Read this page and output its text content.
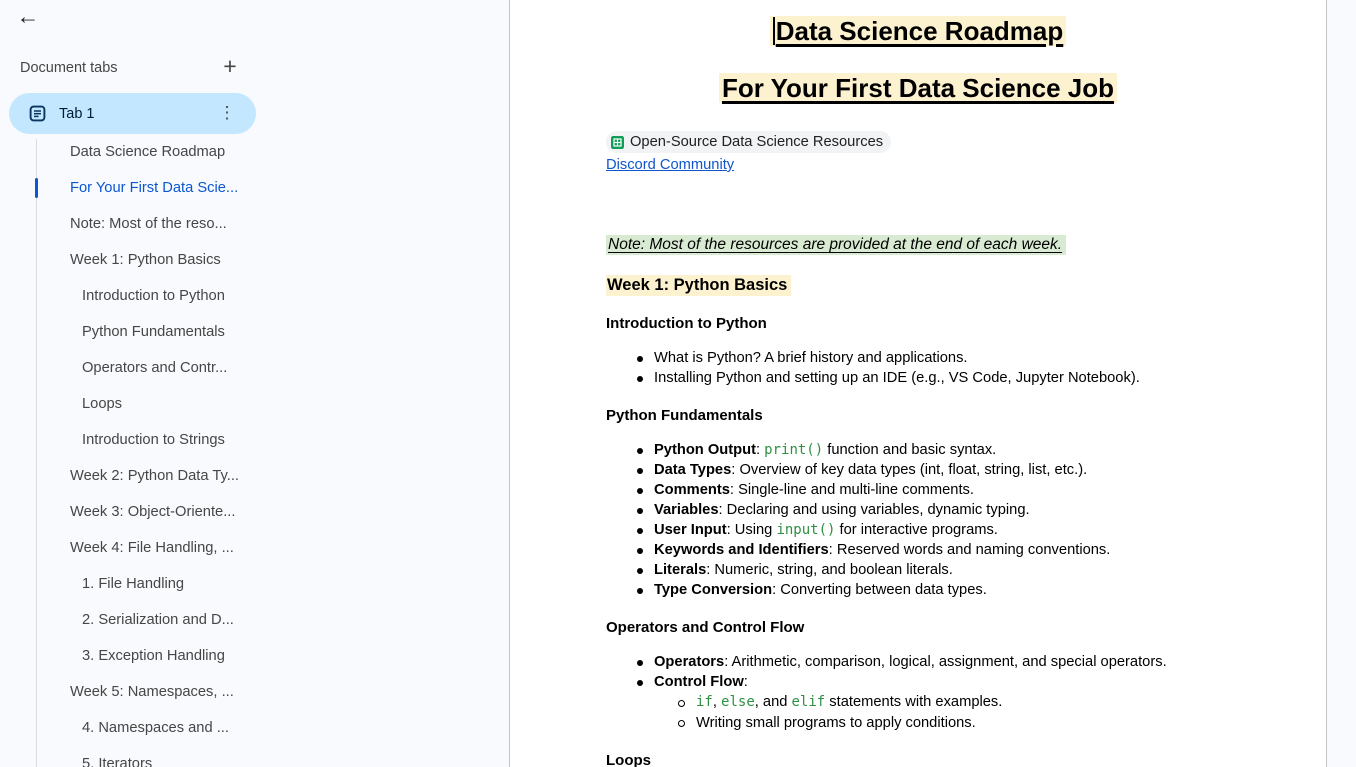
←
Document tabs	+
Tab 1	⋮
Data Science Roadmap
For Your First Data Scie...
Note: Most of the reso...
Week 1: Python Basics
Introduction to Python
Python Fundamentals
Operators and Contr...
Loops
Introduction to Strings
Week 2: Python Data Ty...
Week 3: Object-Oriente...
Week 4: File Handling, ...
1. File Handling
2. Serialization and D...
3. Exception Handling
Week 5: Namespaces, ...
4. Namespaces and ...
5. Iterators
Data Science Roadmap
For Your First Data Science Job
Open-Source Data Science Resources
Discord Community
Note: Most of the resources are provided at the end of each week.
Week 1: Python Basics
Introduction to Python
What is Python? A brief history and applications.
Installing Python and setting up an IDE (e.g., VS Code, Jupyter Notebook).
Python Fundamentals
Python Output: print() function and basic syntax.
Data Types: Overview of key data types (int, float, string, list, etc.).
Comments: Single-line and multi-line comments.
Variables: Declaring and using variables, dynamic typing.
User Input: Using input() for interactive programs.
Keywords and Identifiers: Reserved words and naming conventions.
Literals: Numeric, string, and boolean literals.
Type Conversion: Converting between data types.
Operators and Control Flow
Operators: Arithmetic, comparison, logical, assignment, and special operators.
Control Flow:
if, else, and elif statements with examples.
Writing small programs to apply conditions.
Loops
